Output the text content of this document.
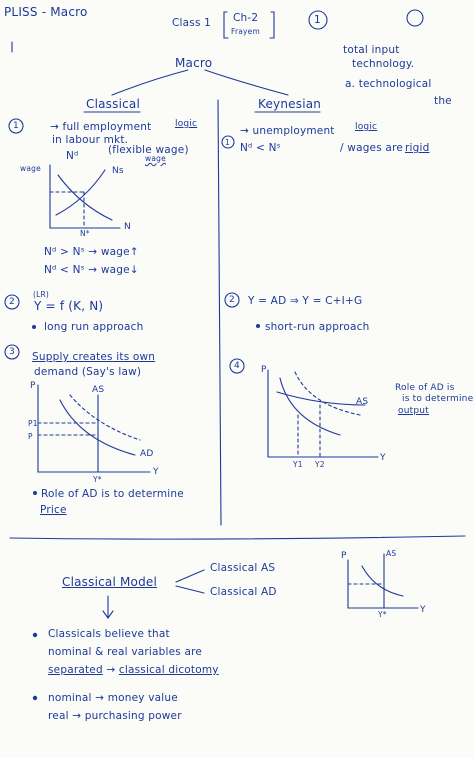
PLISS - Macro
Class 1 Ch-2
Frayem
1
total input
technology.
a. technological
the
Macro
Classical	Keynesian
1	→ full employment	logic
in labour mkt.
(flexible wage)
wage
Nᵈ
wage	Ns
N*
N
Nᵈ > Nˢ → wage↑
Nᵈ < Nˢ → wage↓
2
(LR)
Y = f (K, N)
long run approach
3 Supply creates its own
demand (Say's law)
P	AS
P1
P
AD
Y*
Y
Role of AD is to determine
Price
→ unemployment logic
1 Nᵈ < Nˢ	/ wages are rigid
2 Y = AD ⇒ Y = C+I+G
short-run approach
4 P
AS
Y1 Y2
Y
Role of AD is
is to determine
output
Classical Model
Classical AS
Classical AD
P	AS
Y*	Y
Classicals believe that
nominal & real variables are
separated → classical dicotomy
nominal → money value
real → purchasing power
